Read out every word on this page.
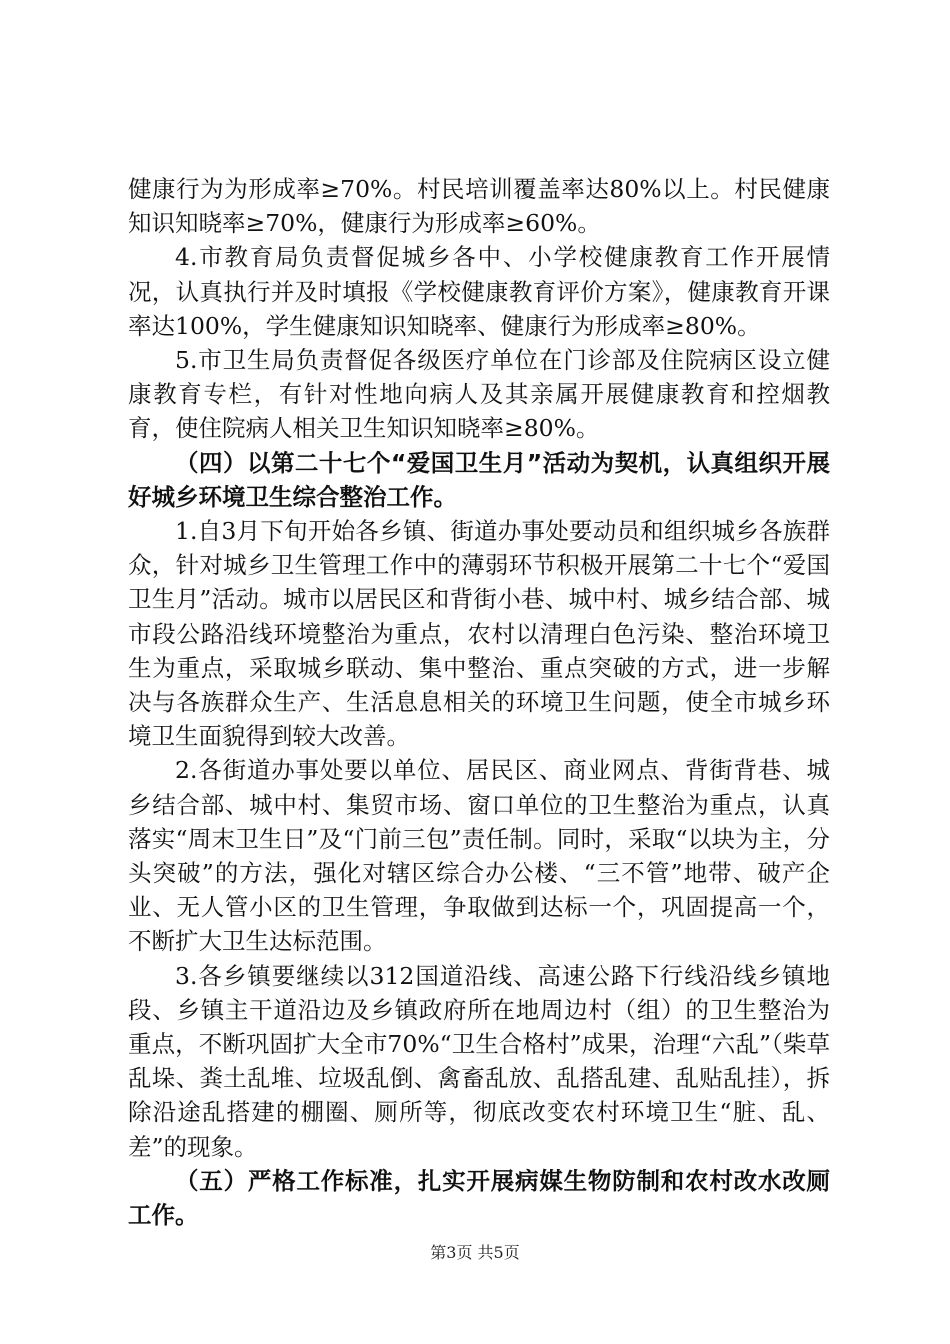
健康行为为形成率≥70%。村民培训覆盖率达80%以上。村民健康知识知晓率≥70%，健康行为形成率≥60%。

4.市教育局负责督促城乡各中、小学校健康教育工作开展情况，认真执行并及时填报《学校健康教育评价方案》，健康教育开课率达100%，学生健康知识知晓率、健康行为形成率≥80%。

5.市卫生局负责督促各级医疗单位在门诊部及住院病区设立健康教育专栏，有针对性地向病人及其亲属开展健康教育和控烟教育，使住院病人相关卫生知识知晓率≥80%。

（四）以第二十七个“爱国卫生月”活动为契机，认真组织开展好城乡环境卫生综合整治工作。

1.自3月下旬开始各乡镇、街道办事处要动员和组织城乡各族群众，针对城乡卫生管理工作中的薄弱环节积极开展第二十七个“爱国卫生月”活动。城市以居民区和背街小巷、城中村、城乡结合部、城市段公路沿线环境整治为重点，农村以清理白色污染、整治环境卫生为重点，采取城乡联动、集中整治、重点突破的方式，进一步解决与各族群众生产、生活息息相关的环境卫生问题，使全市城乡环境卫生面貌得到较大改善。

2.各街道办事处要以单位、居民区、商业网点、背街背巷、城乡结合部、城中村、集贸市场、窗口单位的卫生整治为重点，认真落实“周末卫生日”及“门前三包”责任制。同时，采取“以块为主，分头突破”的方法，强化对辖区综合办公楼、“三不管”地带、破产企业、无人管小区的卫生管理，争取做到达标一个，巩固提高一个，不断扩大卫生达标范围。

3.各乡镇要继续以312国道沿线、高速公路下行线沿线乡镇地段、乡镇主干道沿边及乡镇政府所在地周边村（组）的卫生整治为重点，不断巩固扩大全市70%“卫生合格村”成果，治理“六乱”（柴草乱垛、粪土乱堆、垃圾乱倒、禽畜乱放、乱搭乱建、乱贴乱挂），拆除沿途乱搭建的棚圈、厕所等，彻底改变农村环境卫生“脏、乱、差”的现象。

（五）严格工作标准，扎实开展病媒生物防制和农村改水改厕工作。

第3页 共5页
